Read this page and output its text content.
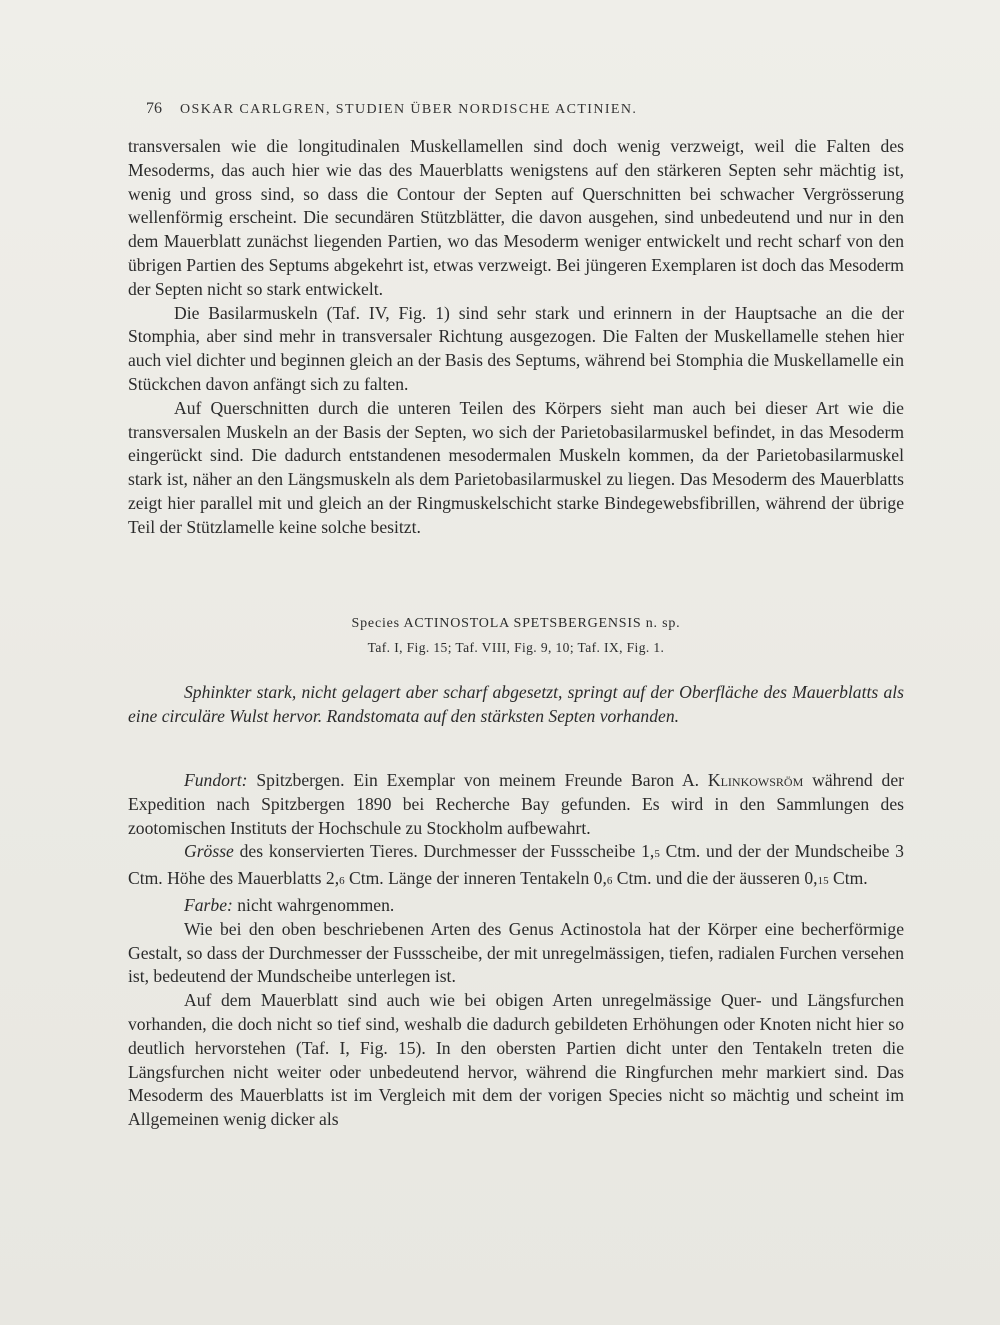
76 OSKAR CARLGREN, STUDIEN ÜBER NORDISCHE ACTINIEN.

transversalen wie die longitudinalen Muskellamellen sind doch wenig verzweigt, weil die Falten des Mesoderms, das auch hier wie das des Mauerblatts wenigstens auf den stärkeren Septen sehr mächtig ist, wenig und gross sind, so dass die Contour der Septen auf Querschnitten bei schwacher Vergrösserung wellenförmig erscheint. Die secundären Stützblätter, die davon ausgehen, sind unbedeutend und nur in den dem Mauerblatt zunächst liegenden Partien, wo das Mesoderm weniger entwickelt und recht scharf von den übrigen Partien des Septums abgekehrt ist, etwas verzweigt. Bei jüngeren Exemplaren ist doch das Mesoderm der Septen nicht so stark entwickelt.

Die Basilarmuskeln (Taf. IV, Fig. 1) sind sehr stark und erinnern in der Hauptsache an die der Stomphia, aber sind mehr in transversaler Richtung ausgezogen. Die Falten der Muskellamelle stehen hier auch viel dichter und beginnen gleich an der Basis des Septums, während bei Stomphia die Muskellamelle ein Stückchen davon anfängt sich zu falten.

Auf Querschnitten durch die unteren Teilen des Körpers sieht man auch bei dieser Art wie die transversalen Muskeln an der Basis der Septen, wo sich der Parietobasilarmuskel befindet, in das Mesoderm eingerückt sind. Die dadurch entstandenen mesodermalen Muskeln kommen, da der Parietobasilarmuskel stark ist, näher an den Längsmuskeln als dem Parietobasilarmuskel zu liegen. Das Mesoderm des Mauerblatts zeigt hier parallel mit und gleich an der Ringmuskelschicht starke Bindegewebsfibrillen, während der übrige Teil der Stützlamelle keine solche besitzt.

Species ACTINOSTOLA SPETSBERGENSIS n. sp.
Taf. I, Fig. 15; Taf. VIII, Fig. 9, 10; Taf. IX, Fig. 1.

Sphinkter stark, nicht gelagert aber scharf abgesetzt, springt auf der Oberfläche des Mauerblatts als eine circuläre Wulst hervor. Randstomata auf den stärksten Septen vorhanden.

Fundort: Spitzbergen. Ein Exemplar von meinem Freunde Baron A. Klinkowsröm während der Expedition nach Spitzbergen 1890 bei Recherche Bay gefunden. Es wird in den Sammlungen des zootomischen Instituts der Hochschule zu Stockholm aufbewahrt.

Grösse des konservierten Tieres. Durchmesser der Fussscheibe 1,5 Ctm. und der der Mundscheibe 3 Ctm. Höhe des Mauerblatts 2,6 Ctm. Länge der inneren Tentakeln 0,6 Ctm. und die der äusseren 0,15 Ctm.

Farbe: nicht wahrgenommen.

Wie bei den oben beschriebenen Arten des Genus Actinostola hat der Körper eine becherförmige Gestalt, so dass der Durchmesser der Fussscheibe, der mit unregelmässigen, tiefen, radialen Furchen versehen ist, bedeutend der Mundscheibe unterlegen ist.

Auf dem Mauerblatt sind auch wie bei obigen Arten unregelmässige Quer- und Längsfurchen vorhanden, die doch nicht so tief sind, weshalb die dadurch gebildeten Erhöhungen oder Knoten nicht hier so deutlich hervorstehen (Taf. I, Fig. 15). In den obersten Partien dicht unter den Tentakeln treten die Längsfurchen nicht weiter oder unbedeutend hervor, während die Ringfurchen mehr markiert sind. Das Mesoderm des Mauerblatts ist im Vergleich mit dem der vorigen Species nicht so mächtig und scheint im Allgemeinen wenig dicker als
